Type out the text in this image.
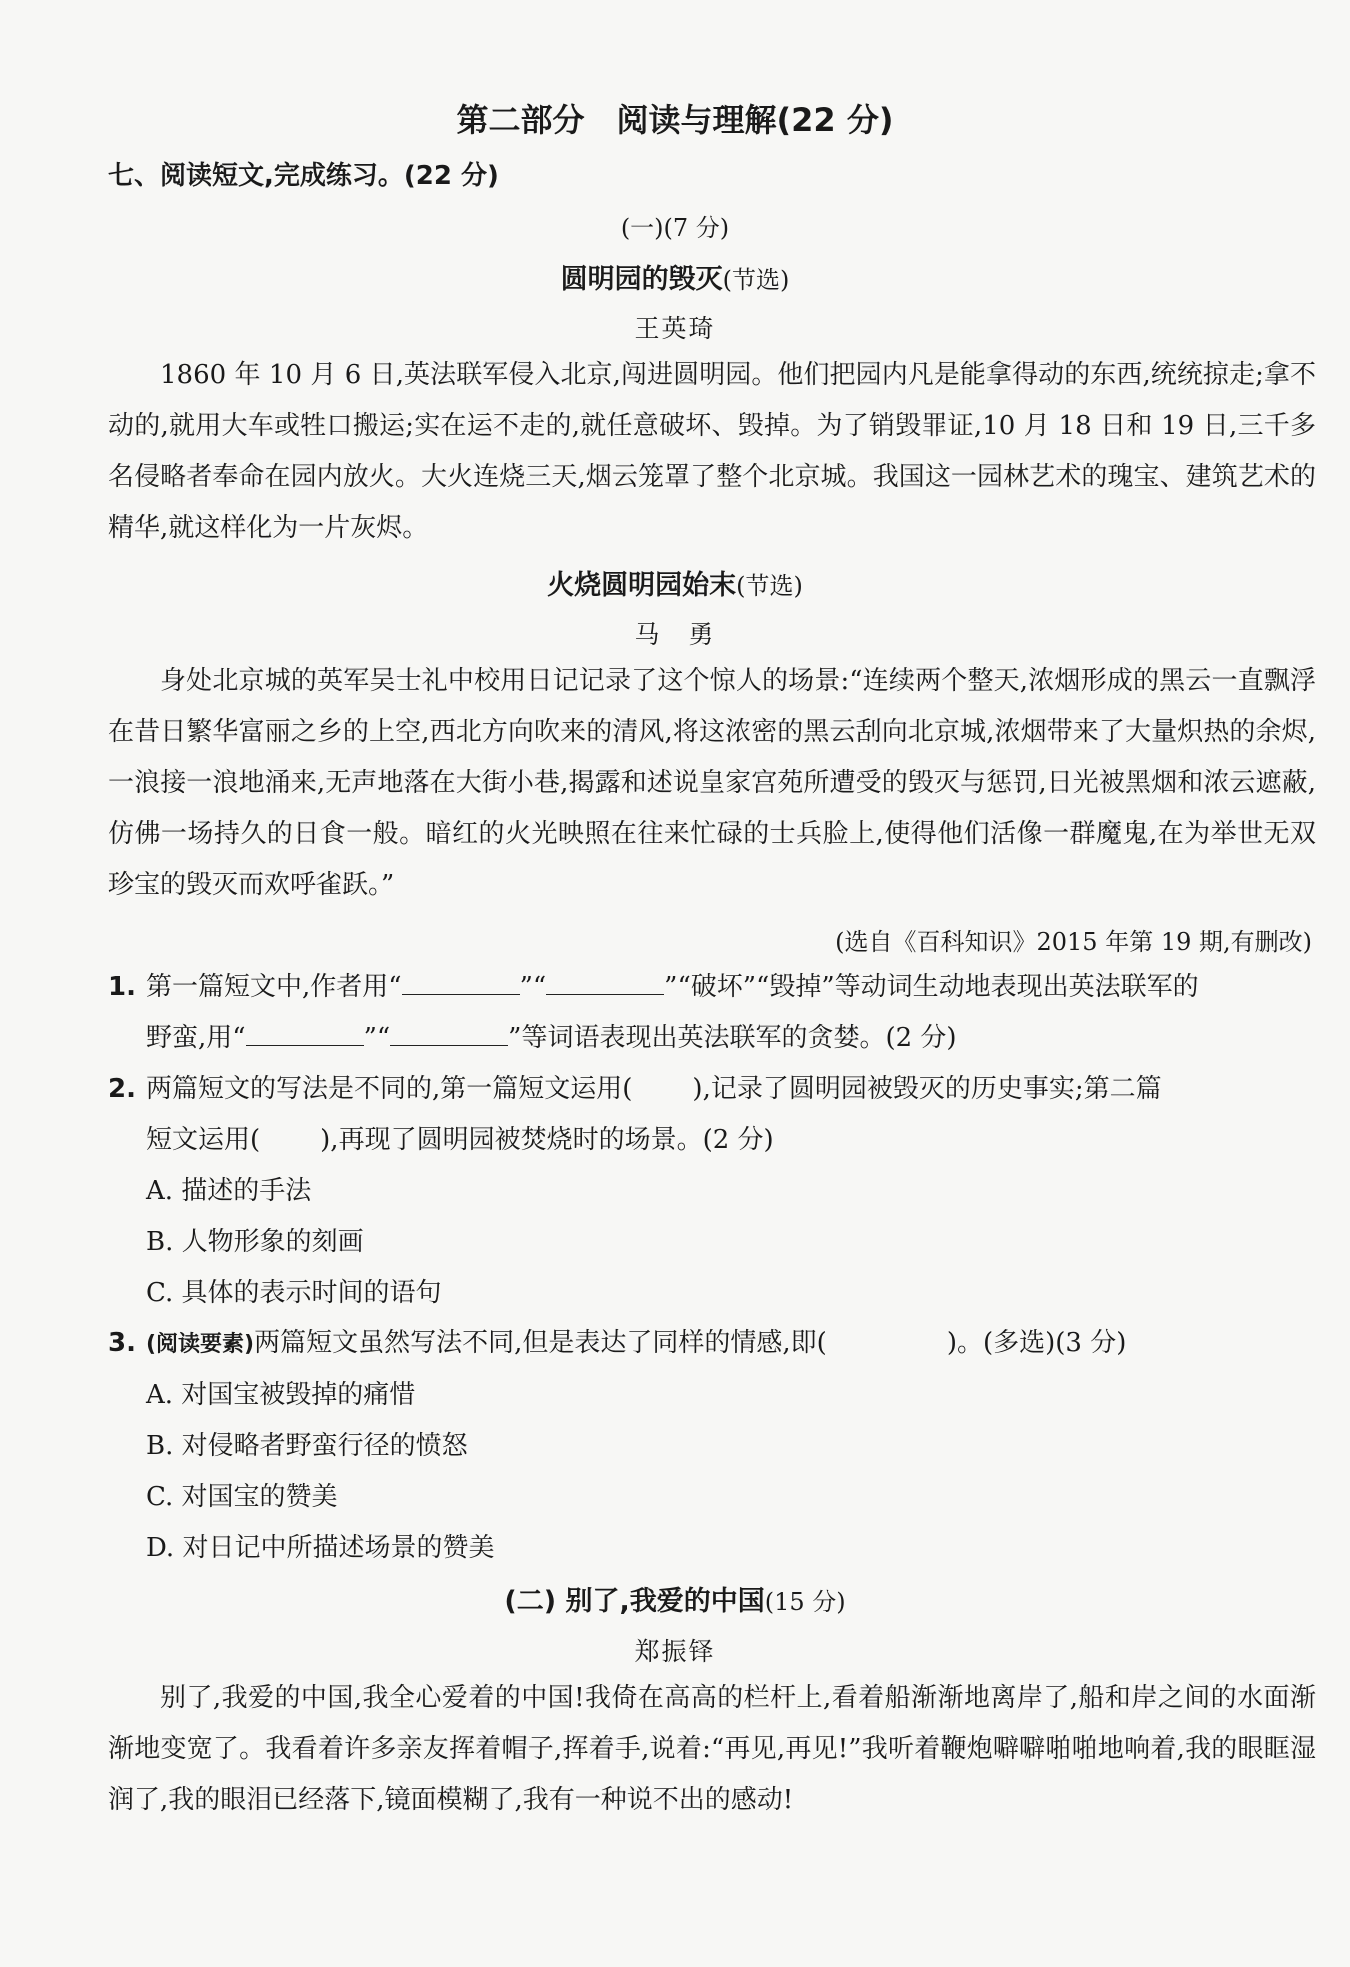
第二部分　阅读与理解(22 分)
七、阅读短文,完成练习。(22 分)
(一)(7 分)
圆明园的毁灭(节选)
王英琦

1860 年 10 月 6 日,英法联军侵入北京,闯进圆明园。他们把园内凡是能拿得动的东西,统统掠走;拿不动的,就用大车或牲口搬运;实在运不走的,就任意破坏、毁掉。为了销毁罪证,10 月 18 日和 19 日,三千多名侵略者奉命在园内放火。大火连烧三天,烟云笼罩了整个北京城。我国这一园林艺术的瑰宝、建筑艺术的精华,就这样化为一片灰烬。

火烧圆明园始末(节选)
马　勇

身处北京城的英军吴士礼中校用日记记录了这个惊人的场景:“连续两个整天,浓烟形成的黑云一直飘浮在昔日繁华富丽之乡的上空,西北方向吹来的清风,将这浓密的黑云刮向北京城,浓烟带来了大量炽热的余烬,一浪接一浪地涌来,无声地落在大街小巷,揭露和述说皇家宫苑所遭受的毁灭与惩罚,日光被黑烟和浓云遮蔽,仿佛一场持久的日食一般。暗红的火光映照在往来忙碌的士兵脸上,使得他们活像一群魔鬼,在为举世无双珍宝的毁灭而欢呼雀跃。”

(选自《百科知识》2015 年第 19 期,有删改)

1. 第一篇短文中,作者用“	”“	”“破坏”“毁掉”等动词生动地表现出英法联军的
野蛮,用“	”“	”等词语表现出英法联军的贪婪。(2 分)

2. 两篇短文的写法是不同的,第一篇短文运用( ),记录了圆明园被毁灭的历史事实;第二篇
短文运用( ),再现了圆明园被焚烧时的场景。(2 分)

A. 描述的手法
B. 人物形象的刻画
C. 具体的表示时间的语句

3. (阅读要素)两篇短文虽然写法不同,但是表达了同样的情感,即(	)。(多选)(3 分)

A. 对国宝被毁掉的痛惜
B. 对侵略者野蛮行径的愤怒
C. 对国宝的赞美
D. 对日记中所描述场景的赞美
(二) 别了,我爱的中国(15 分)
郑振铎

别了,我爱的中国,我全心爱着的中国!我倚在高高的栏杆上,看着船渐渐地离岸了,船和岸之间的水面渐渐地变宽了。我看着许多亲友挥着帽子,挥着手,说着:“再见,再见!”我听着鞭炮噼噼啪啪地响着,我的眼眶湿润了,我的眼泪已经落下,镜面模糊了,我有一种说不出的感动!
